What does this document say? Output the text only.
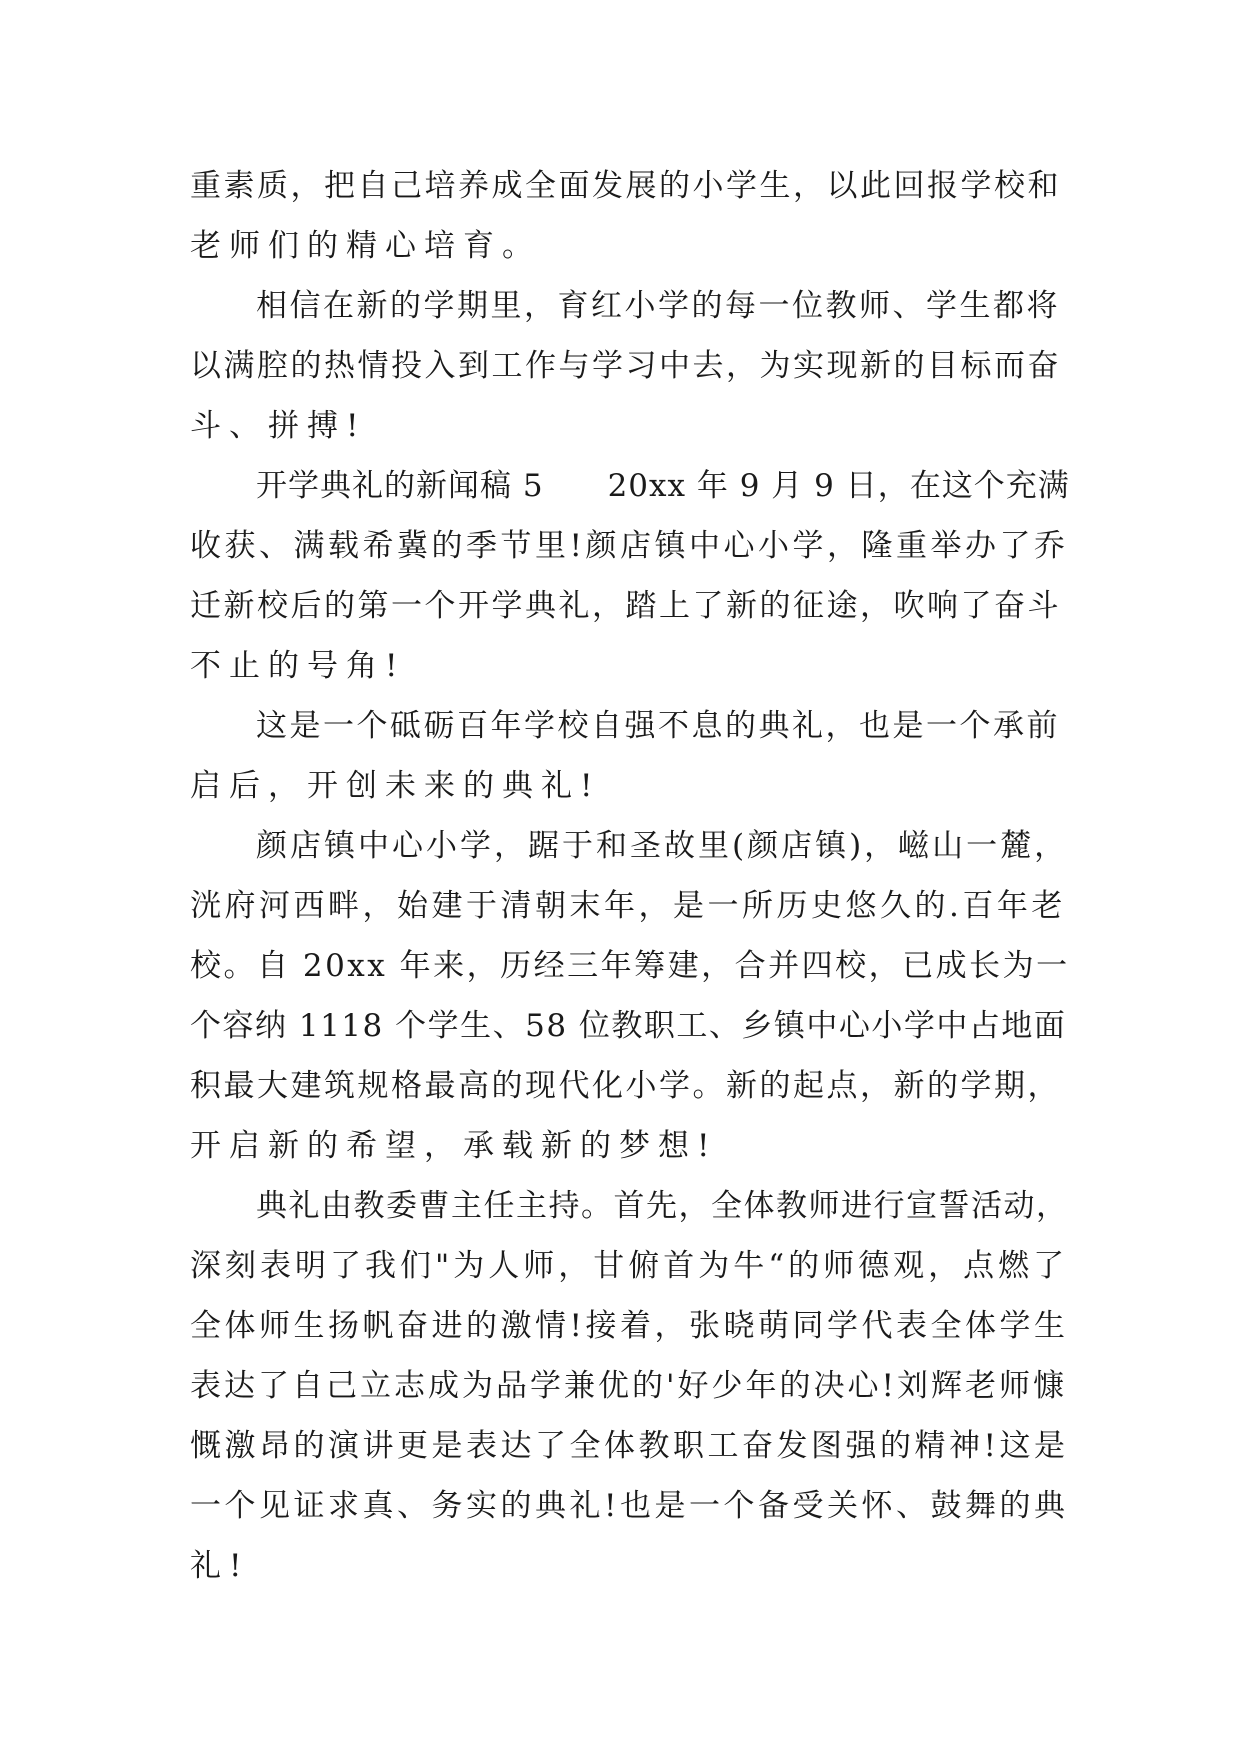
重素质，把自己培养成全面发展的小学生，以此回报学校和
老师们的精心培育。
相信在新的学期里，育红小学的每一位教师、学生都将
以满腔的热情投入到工作与学习中去，为实现新的目标而奋
斗、拼搏!
开学典礼的新闻稿 5　　20xx 年 9 月 9 日，在这个充满
收获、满载希冀的季节里!颜店镇中心小学，隆重举办了乔
迁新校后的第一个开学典礼，踏上了新的征途，吹响了奋斗
不止的号角!
这是一个砥砺百年学校自强不息的典礼，也是一个承前
启后，开创未来的典礼!
颜店镇中心小学，踞于和圣故里(颜店镇)，嵫山一麓，
洸府河西畔，始建于清朝末年，是一所历史悠久的.百年老
校。自 20xx 年来，历经三年筹建，合并四校，已成长为一
个容纳 1118 个学生、58 位教职工、乡镇中心小学中占地面
积最大建筑规格最高的现代化小学。新的起点，新的学期，
开启新的希望，承载新的梦想!
典礼由教委曹主任主持。首先，全体教师进行宣誓活动，
深刻表明了我们"为人师，甘俯首为牛“的师德观，点燃了
全体师生扬帆奋进的激情!接着，张晓萌同学代表全体学生
表达了自己立志成为品学兼优的'好少年的决心!刘辉老师慷
慨激昂的演讲更是表达了全体教职工奋发图强的精神!这是
一个见证求真、务实的典礼!也是一个备受关怀、鼓舞的典
礼!
